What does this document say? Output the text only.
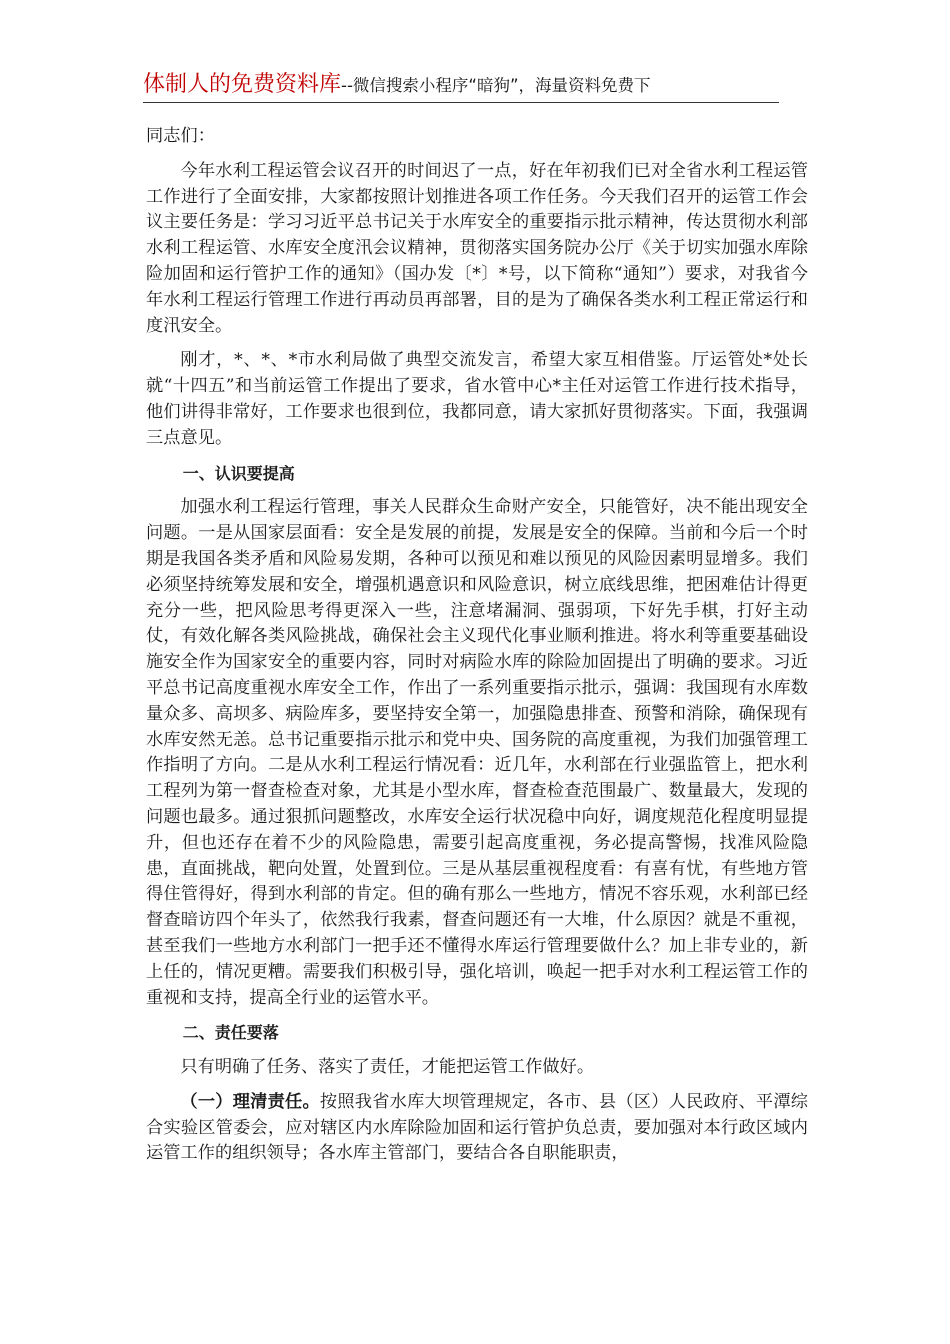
体制人的免费资料库--微信搜索小程序“暗狗”，海量资料免费下

同志们：

今年水利工程运管会议召开的时间迟了一点，好在年初我们已对全省水利工程运管工作进行了全面安排，大家都按照计划推进各项工作任务。今天我们召开的运管工作会议主要任务是：学习习近平总书记关于水库安全的重要指示批示精神，传达贯彻水利部水利工程运管、水库安全度汛会议精神，贯彻落实国务院办公厅《关于切实加强水库除险加固和运行管护工作的通知》（国办发〔*〕*号，以下简称“通知”）要求，对我省今年水利工程运行管理工作进行再动员再部署，目的是为了确保各类水利工程正常运行和度汛安全。

刚才，*、*、*市水利局做了典型交流发言，希望大家互相借鉴。厅运管处*处长就“十四五”和当前运管工作提出了要求，省水管中心*主任对运管工作进行技术指导，他们讲得非常好，工作要求也很到位，我都同意，请大家抓好贯彻落实。下面，我强调三点意见。

一、认识要提高

加强水利工程运行管理，事关人民群众生命财产安全，只能管好，决不能出现安全问题。一是从国家层面看：安全是发展的前提，发展是安全的保障。当前和今后一个时期是我国各类矛盾和风险易发期，各种可以预见和难以预见的风险因素明显增多。我们必须坚持统筹发展和安全，增强机遇意识和风险意识，树立底线思维，把困难估计得更充分一些，把风险思考得更深入一些，注意堵漏洞、强弱项，下好先手棋，打好主动仗，有效化解各类风险挑战，确保社会主义现代化事业顺利推进。将水利等重要基础设施安全作为国家安全的重要内容，同时对病险水库的除险加固提出了明确的要求。习近平总书记高度重视水库安全工作，作出了一系列重要指示批示，强调：我国现有水库数量众多、高坝多、病险库多，要坚持安全第一，加强隐患排查、预警和消除，确保现有水库安然无恙。总书记重要指示批示和党中央、国务院的高度重视，为我们加强管理工作指明了方向。二是从水利工程运行情况看：近几年，水利部在行业强监管上，把水利工程列为第一督查检查对象，尤其是小型水库，督查检查范围最广、数量最大，发现的问题也最多。通过狠抓问题整改，水库安全运行状况稳中向好，调度规范化程度明显提升，但也还存在着不少的风险隐患，需要引起高度重视，务必提高警惕，找准风险隐患，直面挑战，靶向处置，处置到位。三是从基层重视程度看：有喜有忧，有些地方管得住管得好，得到水利部的肯定。但的确有那么一些地方，情况不容乐观，水利部已经督查暗访四个年头了，依然我行我素，督查问题还有一大堆，什么原因？就是不重视，甚至我们一些地方水利部门一把手还不懂得水库运行管理要做什么？加上非专业的，新上任的，情况更糟。需要我们积极引导，强化培训，唤起一把手对水利工程运管工作的重视和支持，提高全行业的运管水平。

二、责任要落

只有明确了任务、落实了责任，才能把运管工作做好。

（一）理清责任。按照我省水库大坝管理规定，各市、县（区）人民政府、平潭综合实验区管委会，应对辖区内水库除险加固和运行管护负总责，要加强对本行政区域内运管工作的组织领导；各水库主管部门，要结合各自职能职责，
